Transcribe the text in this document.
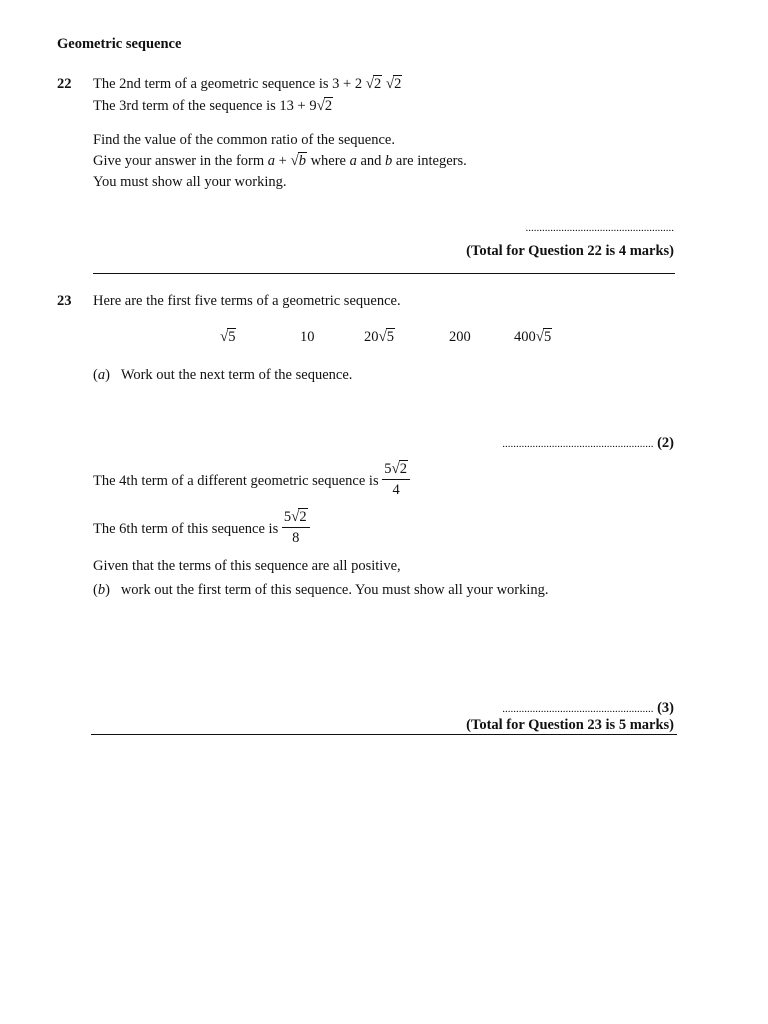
Geometric sequence
22 The 2nd term of a geometric sequence is 3 + 2 √2 √2
The 3rd term of the sequence is 13 + 9√2
Find the value of the common ratio of the sequence.
Give your answer in the form a + √b where a and b are integers.
You must show all your working.
......................................................
(Total for Question 22 is 4 marks)
23 Here are the first five terms of a geometric sequence.
√5	10	20√5	200	400√5
(a)   Work out the next term of the sequence.
....................................................... (2)
The 4th term of a different geometric sequence is $\frac{5√2}{4}$
The 6th term of this sequence is $\frac{5√2}{8}$
Given that the terms of this sequence are all positive,
(b)   work out the first term of this sequence. You must show all your working.
....................................................... (3)
(Total for Question 23 is 5 marks)
